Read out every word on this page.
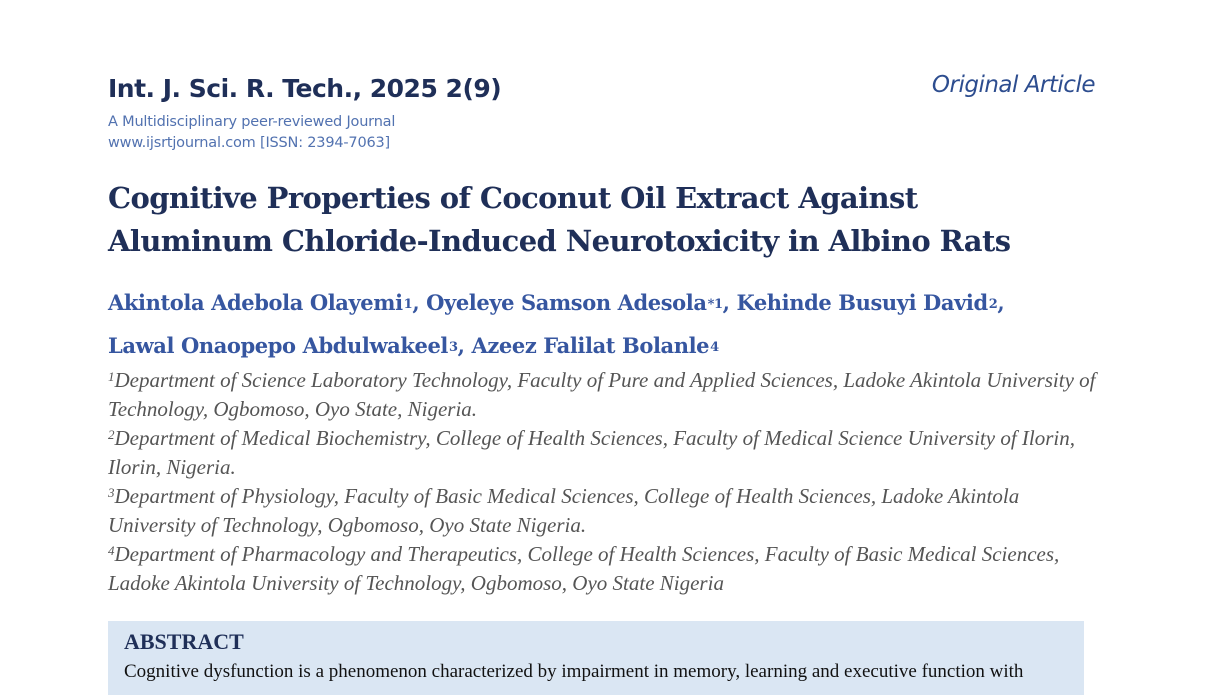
Int. J. Sci. R. Tech., 2025 2(9)	Original Article
A Multidisciplinary peer-reviewed Journal
www.ijsrtjournal.com [ISSN: 2394-7063]
Cognitive Properties of Coconut Oil Extract Against
Aluminum Chloride-Induced Neurotoxicity in Albino Rats
Akintola Adebola Olayemi$^1$, Oyeleye Samson Adesola$^{*1}$, Kehinde Busuyi David$^2$,
Lawal Onaopepo Abdulwakeel$^3$, Azeez Falilat Bolanle$^4$
$^1$Department of Science Laboratory Technology, Faculty of Pure and Applied Sciences, Ladoke Akintola University of Technology, Ogbomoso, Oyo State, Nigeria.
$^2$Department of Medical Biochemistry, College of Health Sciences, Faculty of Medical Science University of Ilorin, Ilorin, Nigeria.
$^3$Department of Physiology, Faculty of Basic Medical Sciences, College of Health Sciences, Ladoke Akintola University of Technology, Ogbomoso, Oyo State Nigeria.
$^4$Department of Pharmacology and Therapeutics, College of Health Sciences, Faculty of Basic Medical Sciences, Ladoke Akintola University of Technology, Ogbomoso, Oyo State Nigeria
ABSTRACT
Cognitive dysfunction is a phenomenon characterized by impairment in memory, learning and executive function with
